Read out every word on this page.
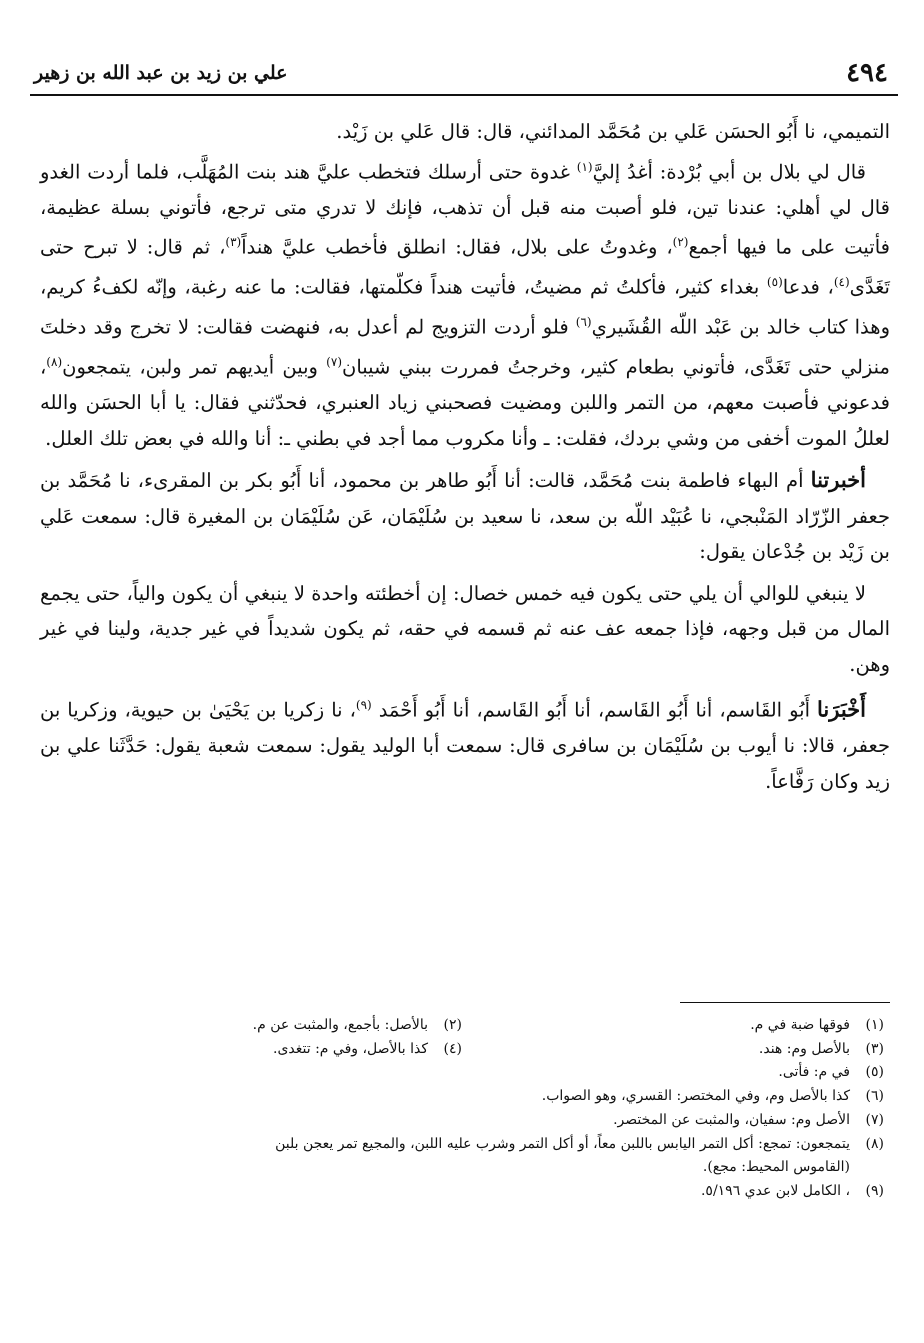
٤٩٤
علي بن زيد بن عبد الله بن زهير

التميمي، نا أَبُو الحسَن عَلي بن مُحَمَّد المدائني، قال: قال عَلي بن زَيْد.

قال لي بلال بن أبي بُرْدة: أغدُ إليَّ$^{(١)}$ غدوة حتى أرسلك فتخطب عليَّ هند بنت المُهَلَّب، فلما أردت الغدو قال لي أهلي: عندنا تين، فلو أصبت منه قبل أن تذهب، فإنك لا تدري متى ترجع، فأتوني بسلة عظيمة، فأتيت على ما فيها أجمع$^{(٢)}$، وغدوتُ على بلال، فقال: انطلق فأخطب عليَّ هنداً$^{(٣)}$، ثم قال: لا تبرح حتى تَغَدَّى$^{(٤)}$، فدعا$^{(٥)}$ بغداء كثير، فأكلتُ ثم مضيتُ، فأتيت هنداً فكلّمتها، فقالت: ما عنه رغبة، وإنّه لكفءُ كريم، وهذا كتاب خالد بن عَبْد اللّه القُشَيري$^{(٦)}$ فلو أردت التزويج لم أعدل به، فنهضت فقالت: لا تخرج وقد دخلتَ منزلي حتى تَغَدَّى، فأتوني بطعام كثير، وخرجتُ فمررت ببني شيبان$^{(٧)}$ وبين أيديهم تمر ولبن، يتمجعون$^{(٨)}$، فدعوني فأصبت معهم، من التمر واللبن ومضيت فصحبني زياد العنبري، فحدّثني فقال: يا أبا الحسَن والله لعللُ الموت أخفى من وشي بردك، فقلت: ـ وأنا مكروب مما أجد في بطني ـ: أنا والله في بعض تلك العلل.

أخبرتنا أم البهاء فاطمة بنت مُحَمَّد، قالت: أنا أَبُو طاهر بن محمود، أنا أَبُو بكر بن المقرىء، نا مُحَمَّد بن جعفر الزّرّاد المَنْبجي، نا عُبَيْد اللّه بن سعد، نا سعيد بن سُلَيْمَان، عَن سُلَيْمَان بن المغيرة قال: سمعت عَلي بن زَيْد بن جُدْعان يقول:

لا ينبغي للوالي أن يلي حتى يكون فيه خمس خصال: إن أخطئته واحدة لا ينبغي أن يكون والياً، حتى يجمع المال من قبل وجهه، فإذا جمعه عف عنه ثم قسمه في حقه، ثم يكون شديداً في غير جدية، ولينا في غير وهن.

أَخْبَرَنا أَبُو القَاسم، أنا أَبُو القَاسم، أنا أَبُو القَاسم، أنا أَبُو أَحْمَد $^{(٩)}$، نا زكريا بن يَحْيَىٰ بن حيوية، وزكريا بن جعفر، قالا: نا أيوب بن سُلَيْمَان بن سافرى قال: سمعت أبا الوليد يقول: سمعت شعبة يقول: حَدَّثَنا علي بن زيد وكان رَفَّاعاً.

(١)فوقها ضبة في م.
(٢)بالأصل: بأجمع، والمثبت عن م.
(٣)بالأصل وم: هند.
(٤)كذا بالأصل، وفي م: تتغدى.
(٥)في م: فأتى.
(٦)كذا بالأصل وم، وفي المختصر: القسري، وهو الصواب.
(٧)الأصل وم: سفيان، والمثبت عن المختصر.
(٨)يتمجعون: تمجع: أكل التمر اليابس باللبن معاً، أو أكل التمر وشرب عليه اللبن، والمجيع تمر يعجن بلبن
(القاموس المحيط: مجع).
(٩)، الكامل لابن عدي ٥/١٩٦.
